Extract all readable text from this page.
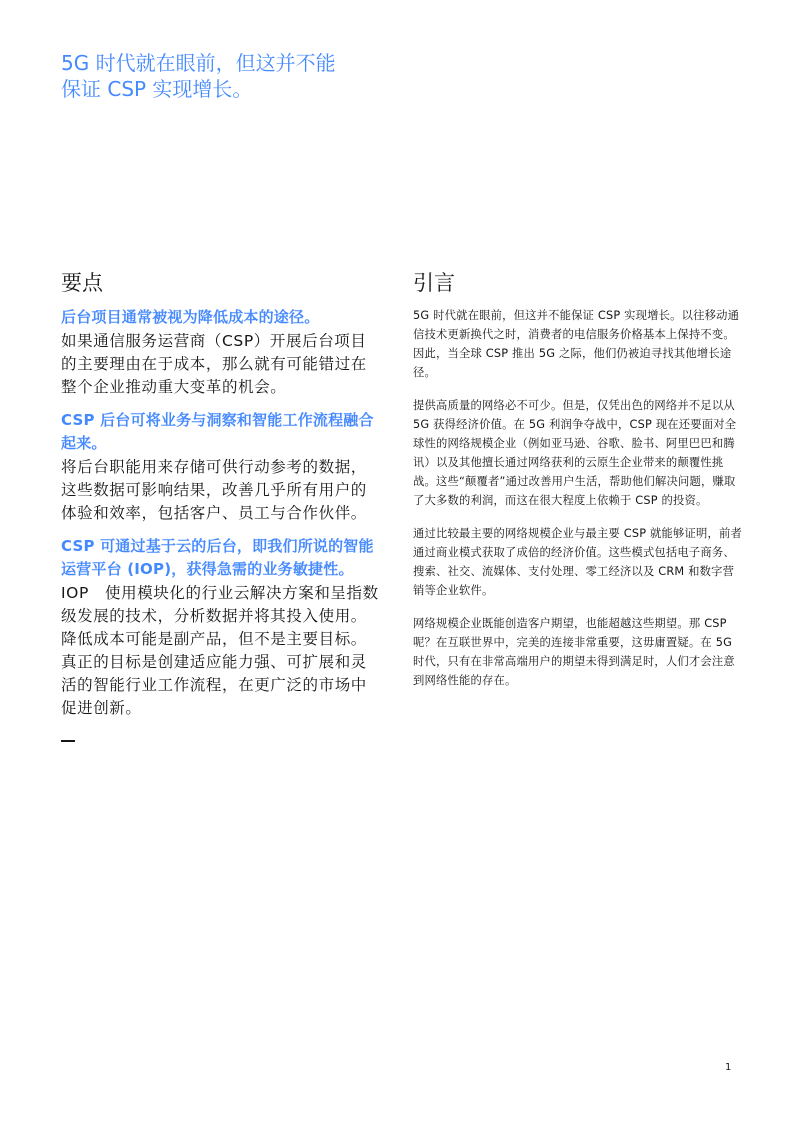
5G 时代就在眼前，但这并不能
保证 CSP 实现增长。
要点

后台项目通常被视为降低成本的途径。

如果通信服务运营商（CSP）开展后台项目的主要理由在于成本，那么就有可能错过在整个企业推动重大变革的机会。

CSP 后台可将业务与洞察和智能工作流程融合起来。

将后台职能用来存储可供行动参考的数据，这些数据可影响结果，改善几乎所有用户的体验和效率，包括客户、员工与合作伙伴。

CSP 可通过基于云的后台，即我们所说的智能运营平台 (IOP)，获得急需的业务敏捷性。

IOP　使用模块化的行业云解决方案和呈指数级发展的技术，分析数据并将其投入使用。降低成本可能是副产品，但不是主要目标。真正的目标是创建适应能力强、可扩展和灵活的智能行业工作流程，在更广泛的市场中促进创新。

引言

5G 时代就在眼前，但这并不能保证 CSP 实现增长。以往移动通信技术更新换代之时，消费者的电信服务价格基本上保持不变。因此，当全球 CSP 推出 5G 之际，他们仍被迫寻找其他增长途径。

提供高质量的网络必不可少。但是，仅凭出色的网络并不足以从 5G 获得经济价值。在 5G 利润争夺战中，CSP 现在还要面对全球性的网络规模企业（例如亚马逊、谷歌、脸书、阿里巴巴和腾讯）以及其他擅长通过网络获利的云原生企业带来的颠覆性挑战。这些“颠覆者”通过改善用户生活，帮助他们解决问题，赚取了大多数的利润，而这在很大程度上依赖于 CSP 的投资。

通过比较最主要的网络规模企业与最主要 CSP 就能够证明，前者通过商业模式获取了成倍的经济价值。这些模式包括电子商务、搜索、社交、流媒体、支付处理、零工经济以及 CRM 和数字营销等企业软件。

网络规模企业既能创造客户期望，也能超越这些期望。那 CSP 呢？在互联世界中，完美的连接非常重要，这毋庸置疑。在 5G 时代，只有在非常高端用户的期望未得到满足时，人们才会注意到网络性能的存在。

1
